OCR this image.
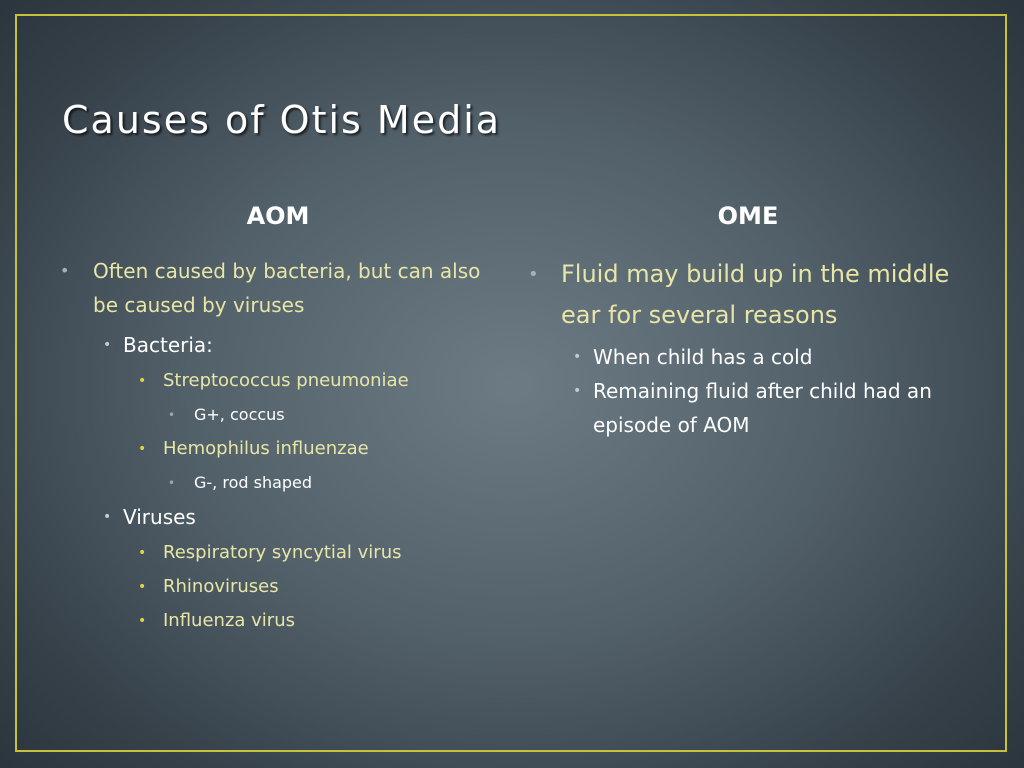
Causes of Otis Media
AOM	OME
• Often caused by bacteria, but can also be caused by viruses
• Bacteria:
• Streptococcus pneumoniae
• G+, coccus
• Hemophilus influenzae
• G-, rod shaped
• Viruses
• Respiratory syncytial virus
• Rhinoviruses
• Influenza virus
• Fluid may build up in the middle ear for several reasons
• When child has a cold
• Remaining fluid after child had an episode of AOM
